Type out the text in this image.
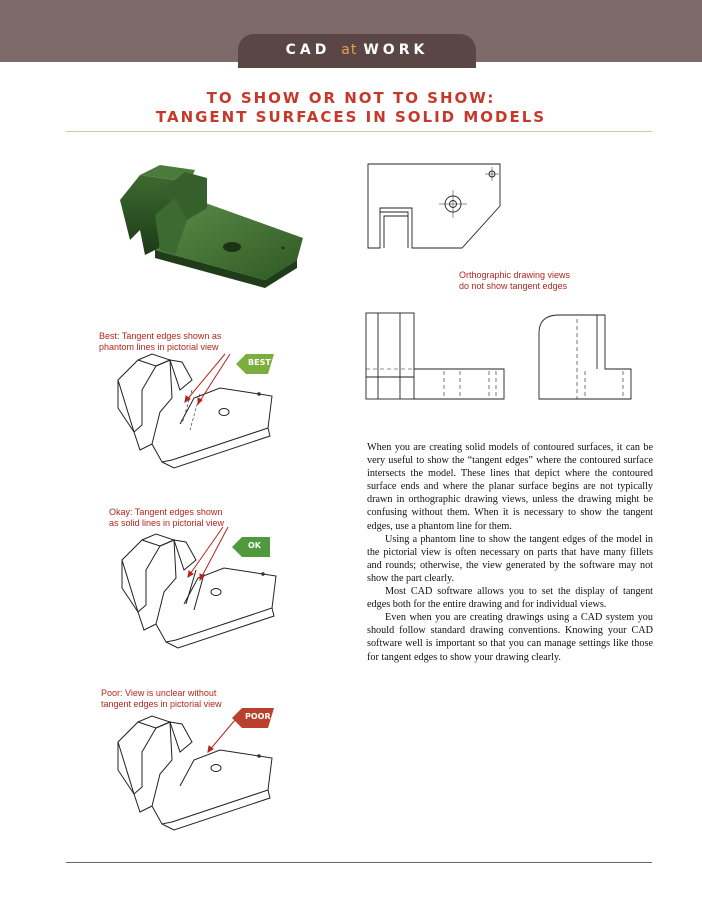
CAD at WORK
TO SHOW OR NOT TO SHOW:
TANGENT SURFACES IN SOLID MODELS
Orthographic drawing views
do not show tangent edges
Best: Tangent edges shown as
phantom lines in pictorial view
BEST
Okay: Tangent edges shown
as solid lines in pictorial view
OK
Poor: View is unclear without
tangent edges in pictorial view
POOR

When you are creating solid models of contoured surfaces, it can be very useful to show the “tangent edges” where the contoured surface intersects the model. These lines that depict where the contoured surface ends and where the planar surface begins are not typically drawn in orthographic drawing views, unless the drawing might be confusing without them. When it is necessary to show the tangent edges, use a phantom line for them.

Using a phantom line to show the tangent edges of the model in the pictorial view is often necessary on parts that have many fillets and rounds; otherwise, the view generated by the software may not show the part clearly.

Most CAD software allows you to set the display of tangent edges both for the entire drawing and for individual views.

Even when you are creating drawings using a CAD system you should follow standard drawing conventions. Knowing your CAD software well is important so that you can manage settings like those for tangent edges to show your drawing clearly.
